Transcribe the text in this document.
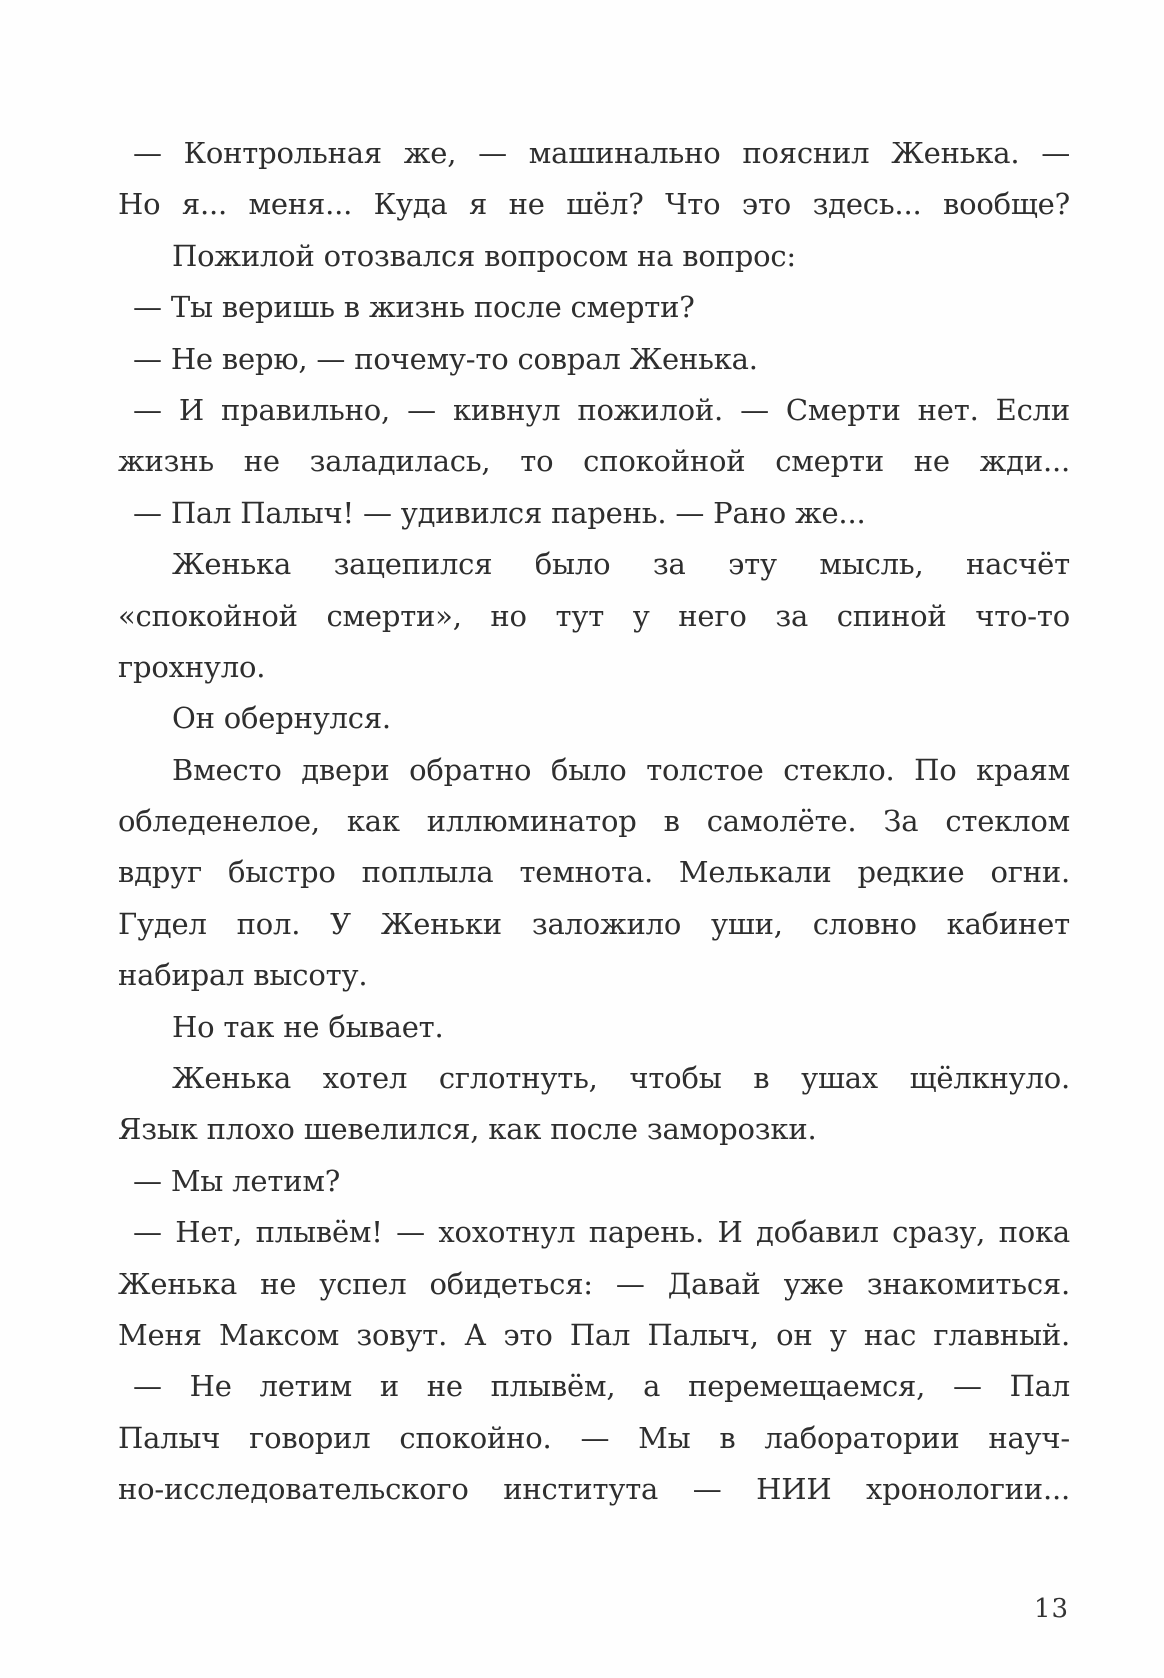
— Контрольная же, — машинально пояснил Женька. —
Но я... меня... Куда я не шёл? Что это здесь... вообще?
Пожилой отозвался вопросом на вопрос:
— Ты веришь в жизнь после смерти?
— Не верю, — почему-то соврал Женька.
— И правильно, — кивнул пожилой. — Смерти нет. Если
жизнь не заладилась, то спокойной смерти не жди...
— Пал Палыч! — удивился парень. — Рано же...
Женька зацепился было за эту мысль, насчёт
«спокойной смерти», но тут у него за спиной что-то
грохнуло.
Он обернулся.
Вместо двери обратно было толстое стекло. По краям
обледенелое, как иллюминатор в самолёте. За стеклом
вдруг быстро поплыла темнота. Мелькали редкие огни.
Гудел пол. У Женьки заложило уши, словно кабинет
набирал высоту.
Но так не бывает.
Женька хотел сглотнуть, чтобы в ушах щёлкнуло.
Язык плохо шевелился, как после заморозки.
— Мы летим?
— Нет, плывём! — хохотнул парень. И добавил сразу, пока
Женька не успел обидеться: — Давай уже знакомиться.
Меня Максом зовут. А это Пал Палыч, он у нас главный.
— Не летим и не плывём, а перемещаемся, — Пал
Палыч говорил спокойно. — Мы в лаборатории науч-
но-исследовательского института — НИИ хронологии...
13
